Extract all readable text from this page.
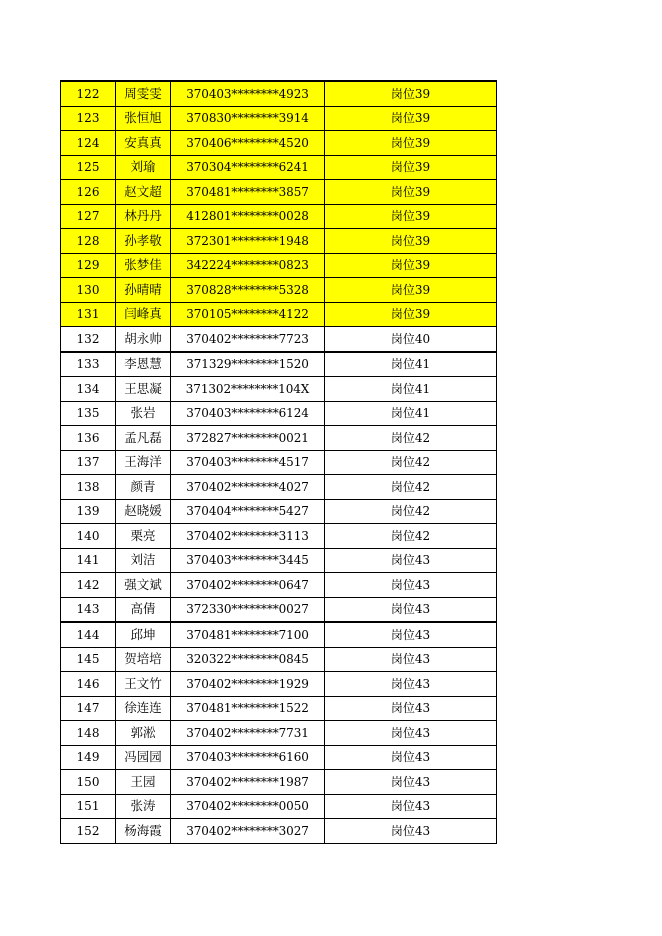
122	周雯雯	370403********4923	岗位39
123	张恒旭	370830********3914	岗位39
124	安真真	370406********4520	岗位39
125	刘瑜	370304********6241	岗位39
126	赵文超	370481********3857	岗位39
127	林丹丹	412801********0028	岗位39
128	孙孝敬	372301********1948	岗位39
129	张梦佳	342224********0823	岗位39
130	孙晴晴	370828********5328	岗位39
131	闫峰真	370105********4122	岗位39
132	胡永帅	370402********7723	岗位40
133	李恩慧	371329********1520	岗位41
134	王思凝	371302********104X	岗位41
135	张岩	370403********6124	岗位41
136	孟凡磊	372827********0021	岗位42
137	王海洋	370403********4517	岗位42
138	颜青	370402********4027	岗位42
139	赵晓媛	370404********5427	岗位42
140	栗亮	370402********3113	岗位42
141	刘洁	370403********3445	岗位43
142	强文斌	370402********0647	岗位43
143	高倩	372330********0027	岗位43
144	邱坤	370481********7100	岗位43
145	贺培培	320322********0845	岗位43
146	王文竹	370402********1929	岗位43
147	徐连连	370481********1522	岗位43
148	郭淞	370402********7731	岗位43
149	冯园园	370403********6160	岗位43
150	王园	370402********1987	岗位43
151	张涛	370402********0050	岗位43
152	杨海霞	370402********3027	岗位43
